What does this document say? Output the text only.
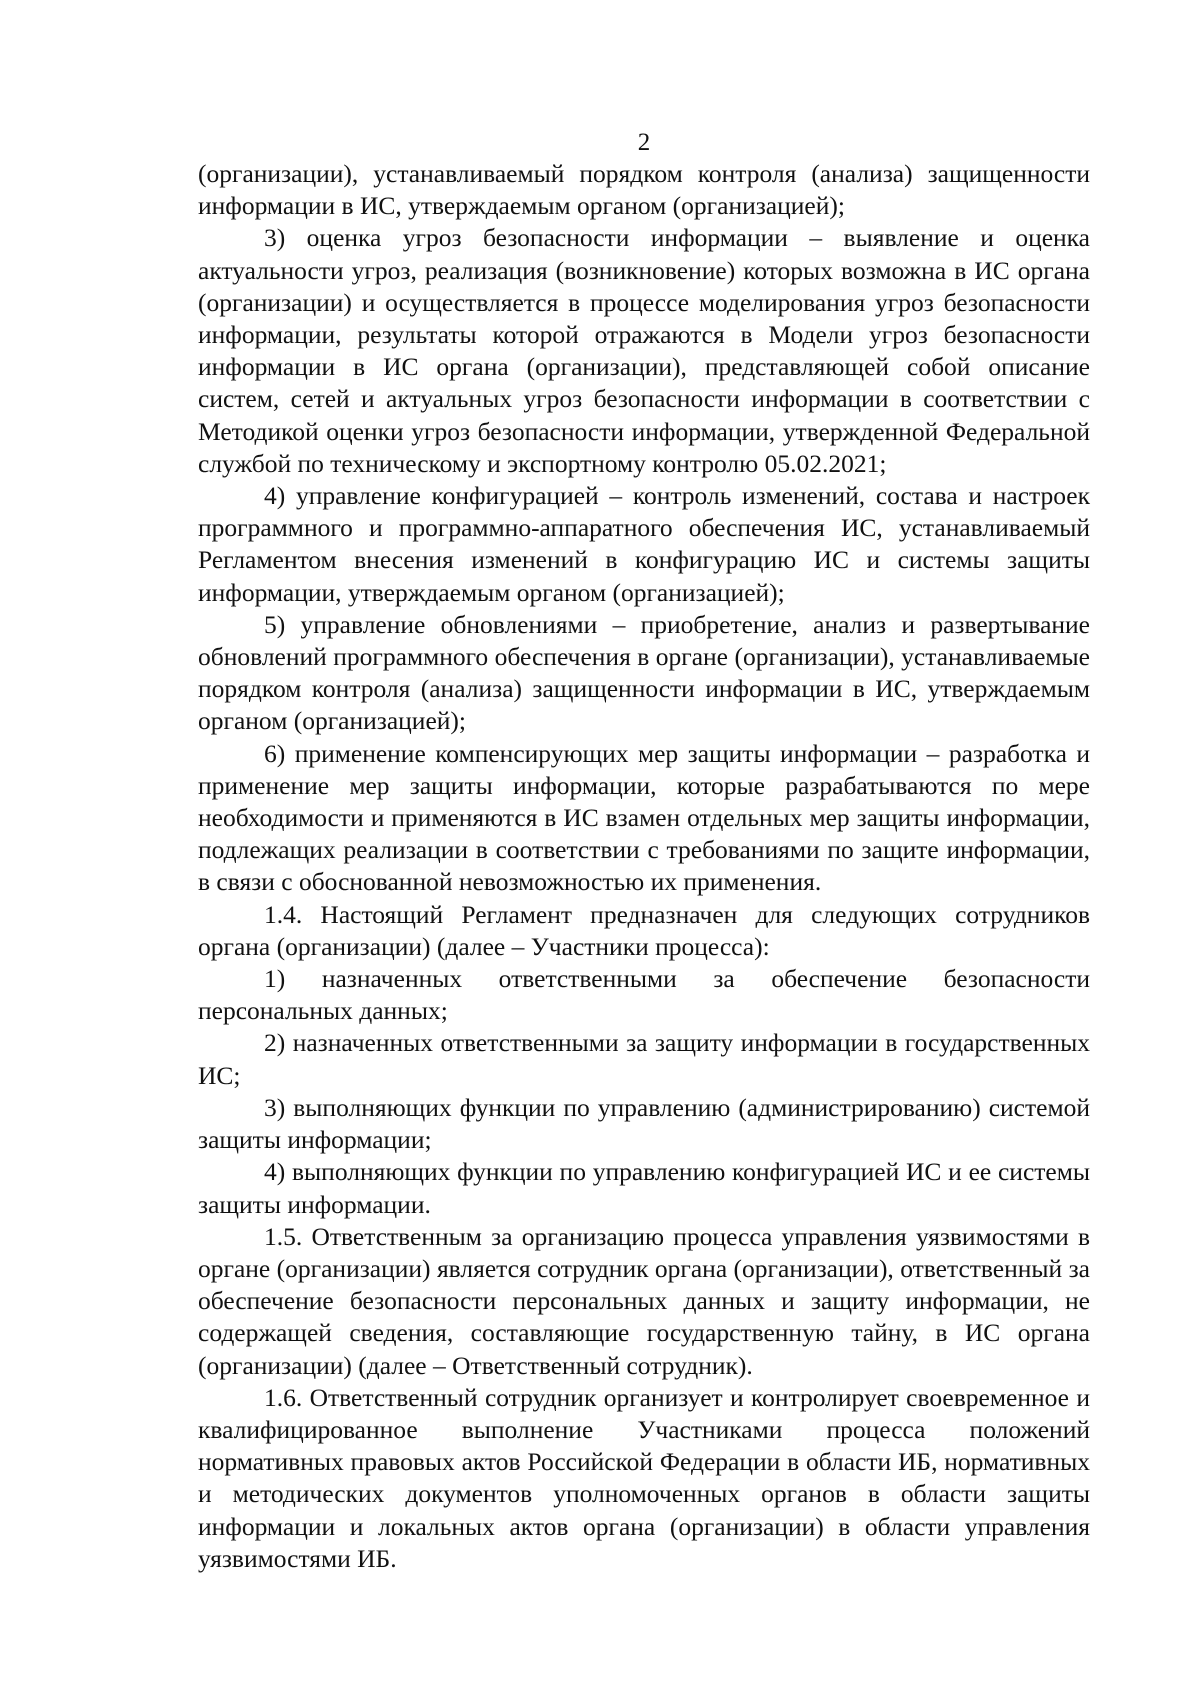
2

(организации), устанавливаемый порядком контроля (анализа) защищенности информации в ИС, утверждаемым органом (организацией);

3) оценка угроз безопасности информации – выявление и оценка актуальности угроз, реализация (возникновение) которых возможна в ИС органа (организации) и осуществляется в процессе моделирования угроз безопасности информации, результаты которой отражаются в Модели угроз безопасности информации в ИС органа (организации), представляющей собой описание систем, сетей и актуальных угроз безопасности информации в соответствии с Методикой оценки угроз безопасности информации, утвержденной Федеральной службой по техническому и экспортному контролю 05.02.2021;

4) управление конфигурацией – контроль изменений, состава и настроек программного и программно-аппаратного обеспечения ИС, устанавливаемый Регламентом внесения изменений в конфигурацию ИС и системы защиты информации, утверждаемым органом (организацией);

5) управление обновлениями – приобретение, анализ и развертывание обновлений программного обеспечения в органе (организации), устанавливаемые порядком контроля (анализа) защищенности информации в ИС, утверждаемым органом (организацией);

6) применение компенсирующих мер защиты информации – разработка и применение мер защиты информации, которые разрабатываются по мере необходимости и применяются в ИС взамен отдельных мер защиты информации, подлежащих реализации в соответствии с требованиями по защите информации, в связи с обоснованной невозможностью их применения.

1.4. Настоящий Регламент предназначен для следующих сотрудников органа (организации) (далее – Участники процесса):

1) назначенных ответственными за обеспечение безопасности персональных данных;

2) назначенных ответственными за защиту информации в государственных ИС;

3) выполняющих функции по управлению (администрированию) системой защиты информации;

4) выполняющих функции по управлению конфигурацией ИС и ее системы защиты информации.

1.5. Ответственным за организацию процесса управления уязвимостями в органе (организации) является сотрудник органа (организации), ответственный за обеспечение безопасности персональных данных и защиту информации, не содержащей сведения, составляющие государственную тайну, в ИС органа (организации) (далее – Ответственный сотрудник).

1.6. Ответственный сотрудник организует и контролирует своевременное и квалифицированное выполнение Участниками процесса положений нормативных правовых актов Российской Федерации в области ИБ, нормативных и методических документов уполномоченных органов в области защиты информации и локальных актов органа (организации) в области управления уязвимостями ИБ.
